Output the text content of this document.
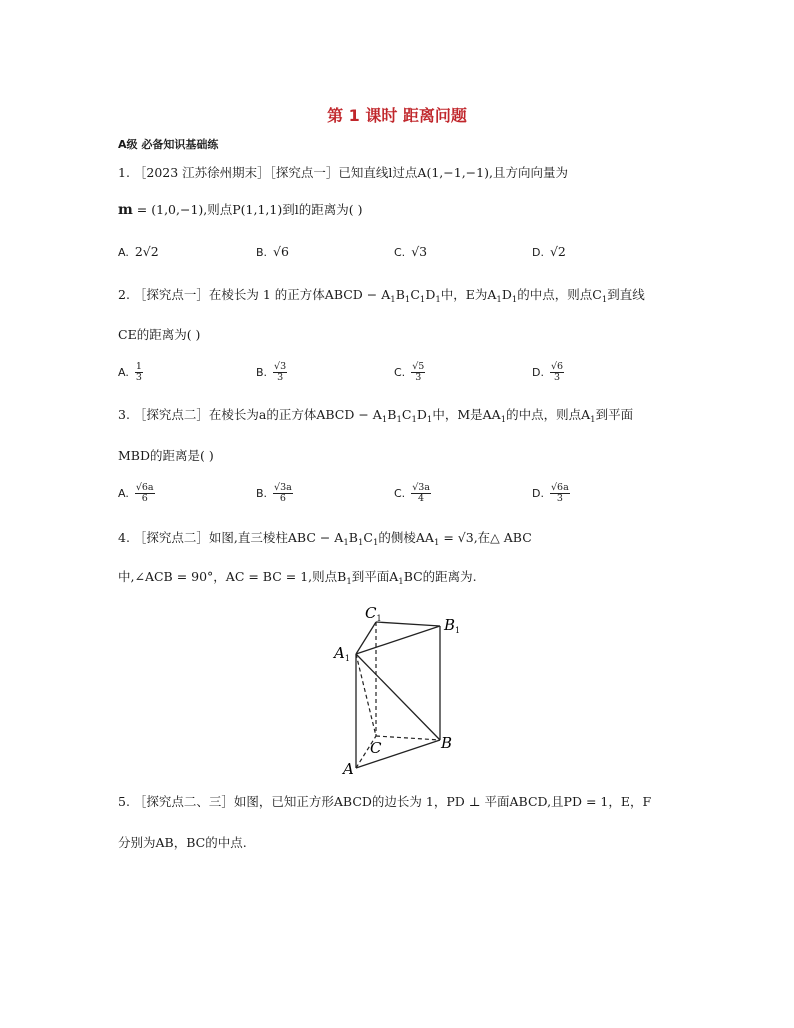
第 1 课时 距离问题
A级 必备知识基础练
1. ［2023 江苏徐州期末］［探究点一］已知直线l过点A(1,−1,−1),且方向向量为
m = (1,0,−1),则点P(1,1,1)到l的距离为( )
A. 2√2	B. √6	C. √3	D. √2
2. ［探究点一］在棱长为 1 的正方体ABCD − $A_1B_1C_1D_1$中，E为$A_1D_1$的中点，则点$C_1$到直线
CE的距离为( )
A. $\frac{1}{3}$	B. $\frac{√3}{3}$	C. $\frac{√5}{3}$	D. $\frac{√6}{3}$
3. ［探究点二］在棱长为a的正方体ABCD − $A_1B_1C_1D_1$中，M是$AA_1$的中点，则点$A_1$到平面
MBD的距离是( )
A. $\frac{√6a}{6}$	B. $\frac{√3a}{6}$	C. $\frac{√3a}{4}$	D. $\frac{√6a}{3}$
4. ［探究点二］如图,直三棱柱ABC − $A_1B_1C_1$的侧棱$AA_1 = √3$,在△ ABC
中,∠ACB = 90°，AC = BC = 1,则点$B_1$到平面$A_1BC$的距离为.
$C_1$	$B_1$
$A_1$
C	B
A
5. ［探究点二、三］如图，已知正方形ABCD的边长为 1，PD ⊥ 平面ABCD,且PD = 1，E，F
分别为AB，BC的中点.
